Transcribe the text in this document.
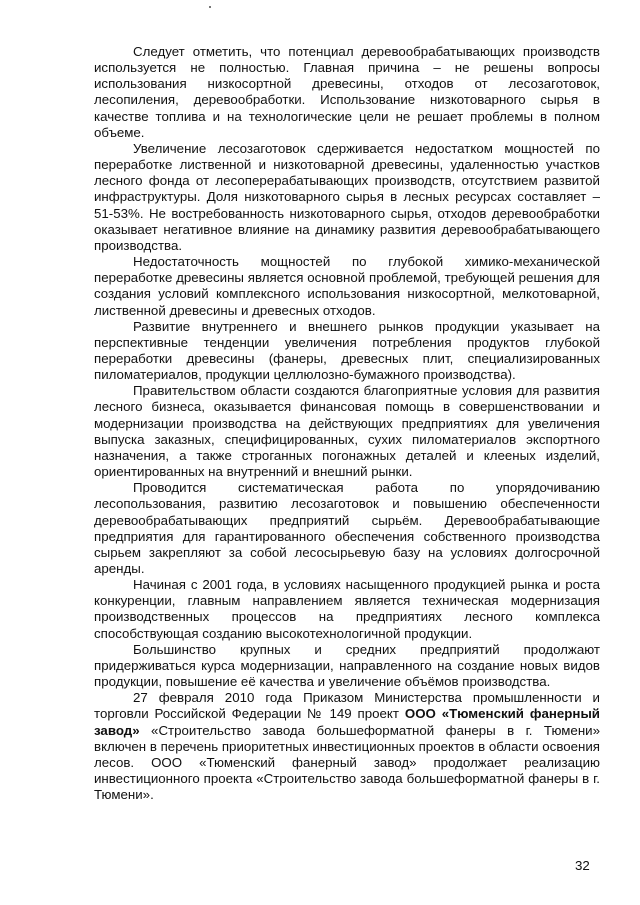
Следует отметить, что потенциал деревообрабатывающих производств используется не полностью. Главная причина – не решены вопросы использования низкосортной древесины, отходов от лесозаготовок, лесопиления, деревообработки. Использование низкотоварного сырья в качестве топлива и на технологические цели не решает проблемы в полном объеме.

Увеличение лесозаготовок сдерживается недостатком мощностей по переработке лиственной и низкотоварной древесины, удаленностью участков лесного фонда от лесоперерабатывающих производств, отсутствием развитой инфраструктуры. Доля низкотоварного сырья в лесных ресурсах составляет – 51-53%. Не востребованность низкотоварного сырья, отходов деревообработки оказывает негативное влияние на динамику развития деревообрабатывающего производства.

Недостаточность мощностей по глубокой химико-механической переработке древесины является основной проблемой, требующей решения для создания условий комплексного использования низкосортной, мелкотоварной, лиственной древесины и древесных отходов.

Развитие внутреннего и внешнего рынков продукции указывает на перспективные тенденции увеличения потребления продуктов глубокой переработки древесины (фанеры, древесных плит, специализированных пиломатериалов, продукции целлюлозно-бумажного производства).

Правительством области создаются благоприятные условия для развития лесного бизнеса, оказывается финансовая помощь в совершенствовании и модернизации производства на действующих предприятиях для увеличения выпуска заказных, специфицированных, сухих пиломатериалов экспортного назначения, а также строганных погонажных деталей и клееных изделий, ориентированных на внутренний и внешний рынки.

Проводится систематическая работа по упорядочиванию лесопользования, развитию лесозаготовок и повышению обеспеченности деревообрабатывающих предприятий сырьём. Деревообрабатывающие предприятия для гарантированного обеспечения собственного производства сырьем закрепляют за собой лесосырьевую базу на условиях долгосрочной аренды.

Начиная с 2001 года, в условиях насыщенного продукцией рынка и роста конкуренции, главным направлением является техническая модернизация производственных процессов на предприятиях лесного комплекса способствующая созданию высокотехнологичной продукции.

Большинство крупных и средних предприятий продолжают придерживаться курса модернизации, направленного на создание новых видов продукции, повышение её качества и увеличение объёмов производства.

27 февраля 2010 года Приказом Министерства промышленности и торговли Российской Федерации № 149 проект ООО «Тюменский фанерный завод» «Строительство завода большеформатной фанеры в г. Тюмени» включен в перечень приоритетных инвестиционных проектов в области освоения лесов. ООО «Тюменский фанерный завод» продолжает реализацию инвестиционного проекта «Строительство завода большеформатной фанеры в г. Тюмени».

32
